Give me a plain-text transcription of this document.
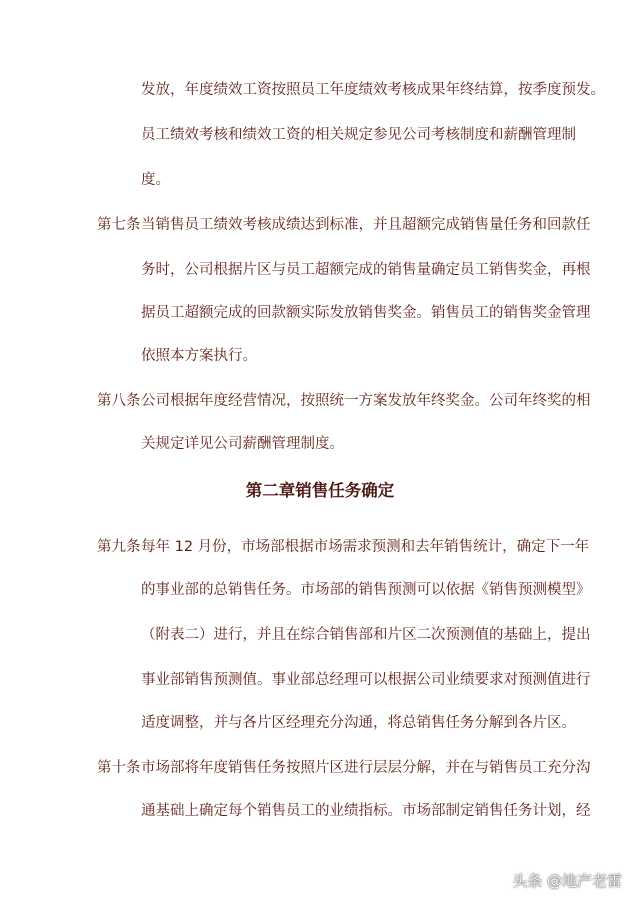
发放，年度绩效工资按照员工年度绩效考核成果年终结算，按季度预发。
员工绩效考核和绩效工资的相关规定参见公司考核制度和薪酬管理制
度。
第七条 当销售员工绩效考核成绩达到标准，并且超额完成销售量任务和回款任
务时，公司根据片区与员工超额完成的销售量确定员工销售奖金，再根
据员工超额完成的回款额实际发放销售奖金。销售员工的销售奖金管理
依照本方案执行。
第八条 公司根据年度经营情况，按照统一方案发放年终奖金。公司年终奖的相
关规定详见公司薪酬管理制度。
第二章销售任务确定
第九条 每年 12 月份，市场部根据市场需求预测和去年销售统计，确定下一年
的事业部的总销售任务。市场部的销售预测可以依据《销售预测模型》
（附表二）进行，并且在综合销售部和片区二次预测值的基础上，提出
事业部销售预测值。事业部总经理可以根据公司业绩要求对预测值进行
适度调整，并与各片区经理充分沟通，将总销售任务分解到各片区。
第十条 市场部将年度销售任务按照片区进行层层分解，并在与销售员工充分沟
通基础上确定每个销售员工的业绩指标。市场部制定销售任务计划，经
头条 @地产老雷
